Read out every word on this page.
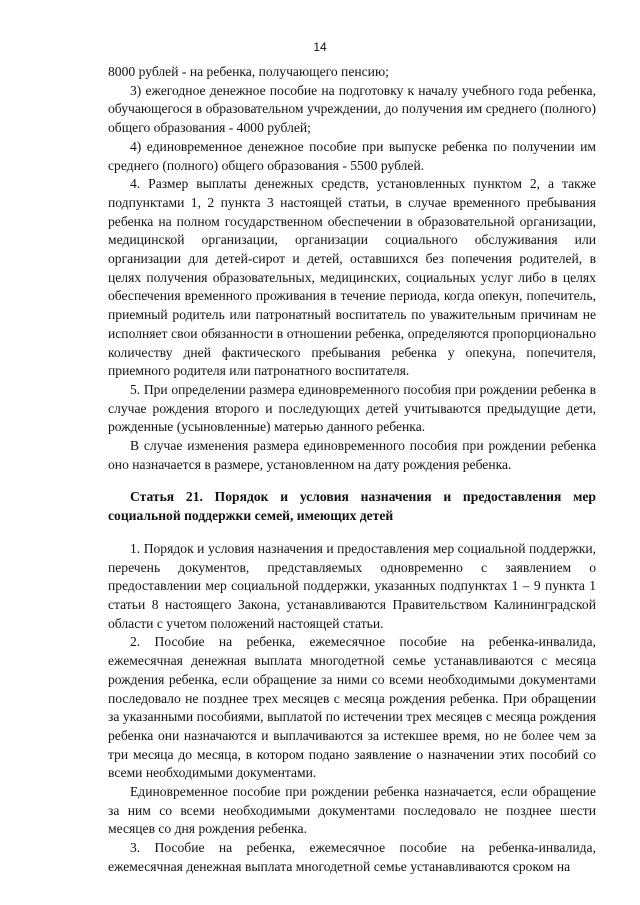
14

8000 рублей - на ребенка, получающего пенсию;

3) ежегодное денежное пособие на подготовку к началу учебного года ребенка, обучающегося в образовательном учреждении, до получения им среднего (полного) общего образования - 4000 рублей;

4) единовременное денежное пособие при выпуске ребенка по получении им среднего (полного) общего образования - 5500 рублей.

4. Размер выплаты денежных средств, установленных пунктом 2, а также подпунктами 1, 2 пункта 3 настоящей статьи, в случае временного пребывания ребенка на полном государственном обеспечении в образовательной организации, медицинской организации, организации социального обслуживания или организации для детей-сирот и детей, оставшихся без попечения родителей, в целях получения образовательных, медицинских, социальных услуг либо в целях обеспечения временного проживания в течение периода, когда опекун, попечитель, приемный родитель или патронатный воспитатель по уважительным причинам не исполняет свои обязанности в отношении ребенка, определяются пропорционально количеству дней фактического пребывания ребенка у опекуна, попечителя, приемного родителя или патронатного воспитателя.

5. При определении размера единовременного пособия при рождении ребенка в случае рождения второго и последующих детей учитываются предыдущие дети, рожденные (усыновленные) матерью данного ребенка.

В случае изменения размера единовременного пособия при рождении ребенка оно назначается в размере, установленном на дату рождения ребенка.

Статья 21. Порядок и условия назначения и предоставления мер социальной поддержки семей, имеющих детей

1. Порядок и условия назначения и предоставления мер социальной поддержки, перечень документов, представляемых одновременно с заявлением о предоставлении мер социальной поддержки, указанных подпунктах 1 – 9 пункта 1 статьи 8 настоящего Закона, устанавливаются Правительством Калининградской области с учетом положений настоящей статьи.

2. Пособие на ребенка, ежемесячное пособие на ребенка-инвалида, ежемесячная денежная выплата многодетной семье устанавливаются с месяца рождения ребенка, если обращение за ними со всеми необходимыми документами последовало не позднее трех месяцев с месяца рождения ребенка. При обращении за указанными пособиями, выплатой по истечении трех месяцев с месяца рождения ребенка они назначаются и выплачиваются за истекшее время, но не более чем за три месяца до месяца, в котором подано заявление о назначении этих пособий со всеми необходимыми документами.

Единовременное пособие при рождении ребенка назначается, если обращение за ним со всеми необходимыми документами последовало не позднее шести месяцев со дня рождения ребенка.

3. Пособие на ребенка, ежемесячное пособие на ребенка-инвалида, ежемесячная денежная выплата многодетной семье устанавливаются сроком на
